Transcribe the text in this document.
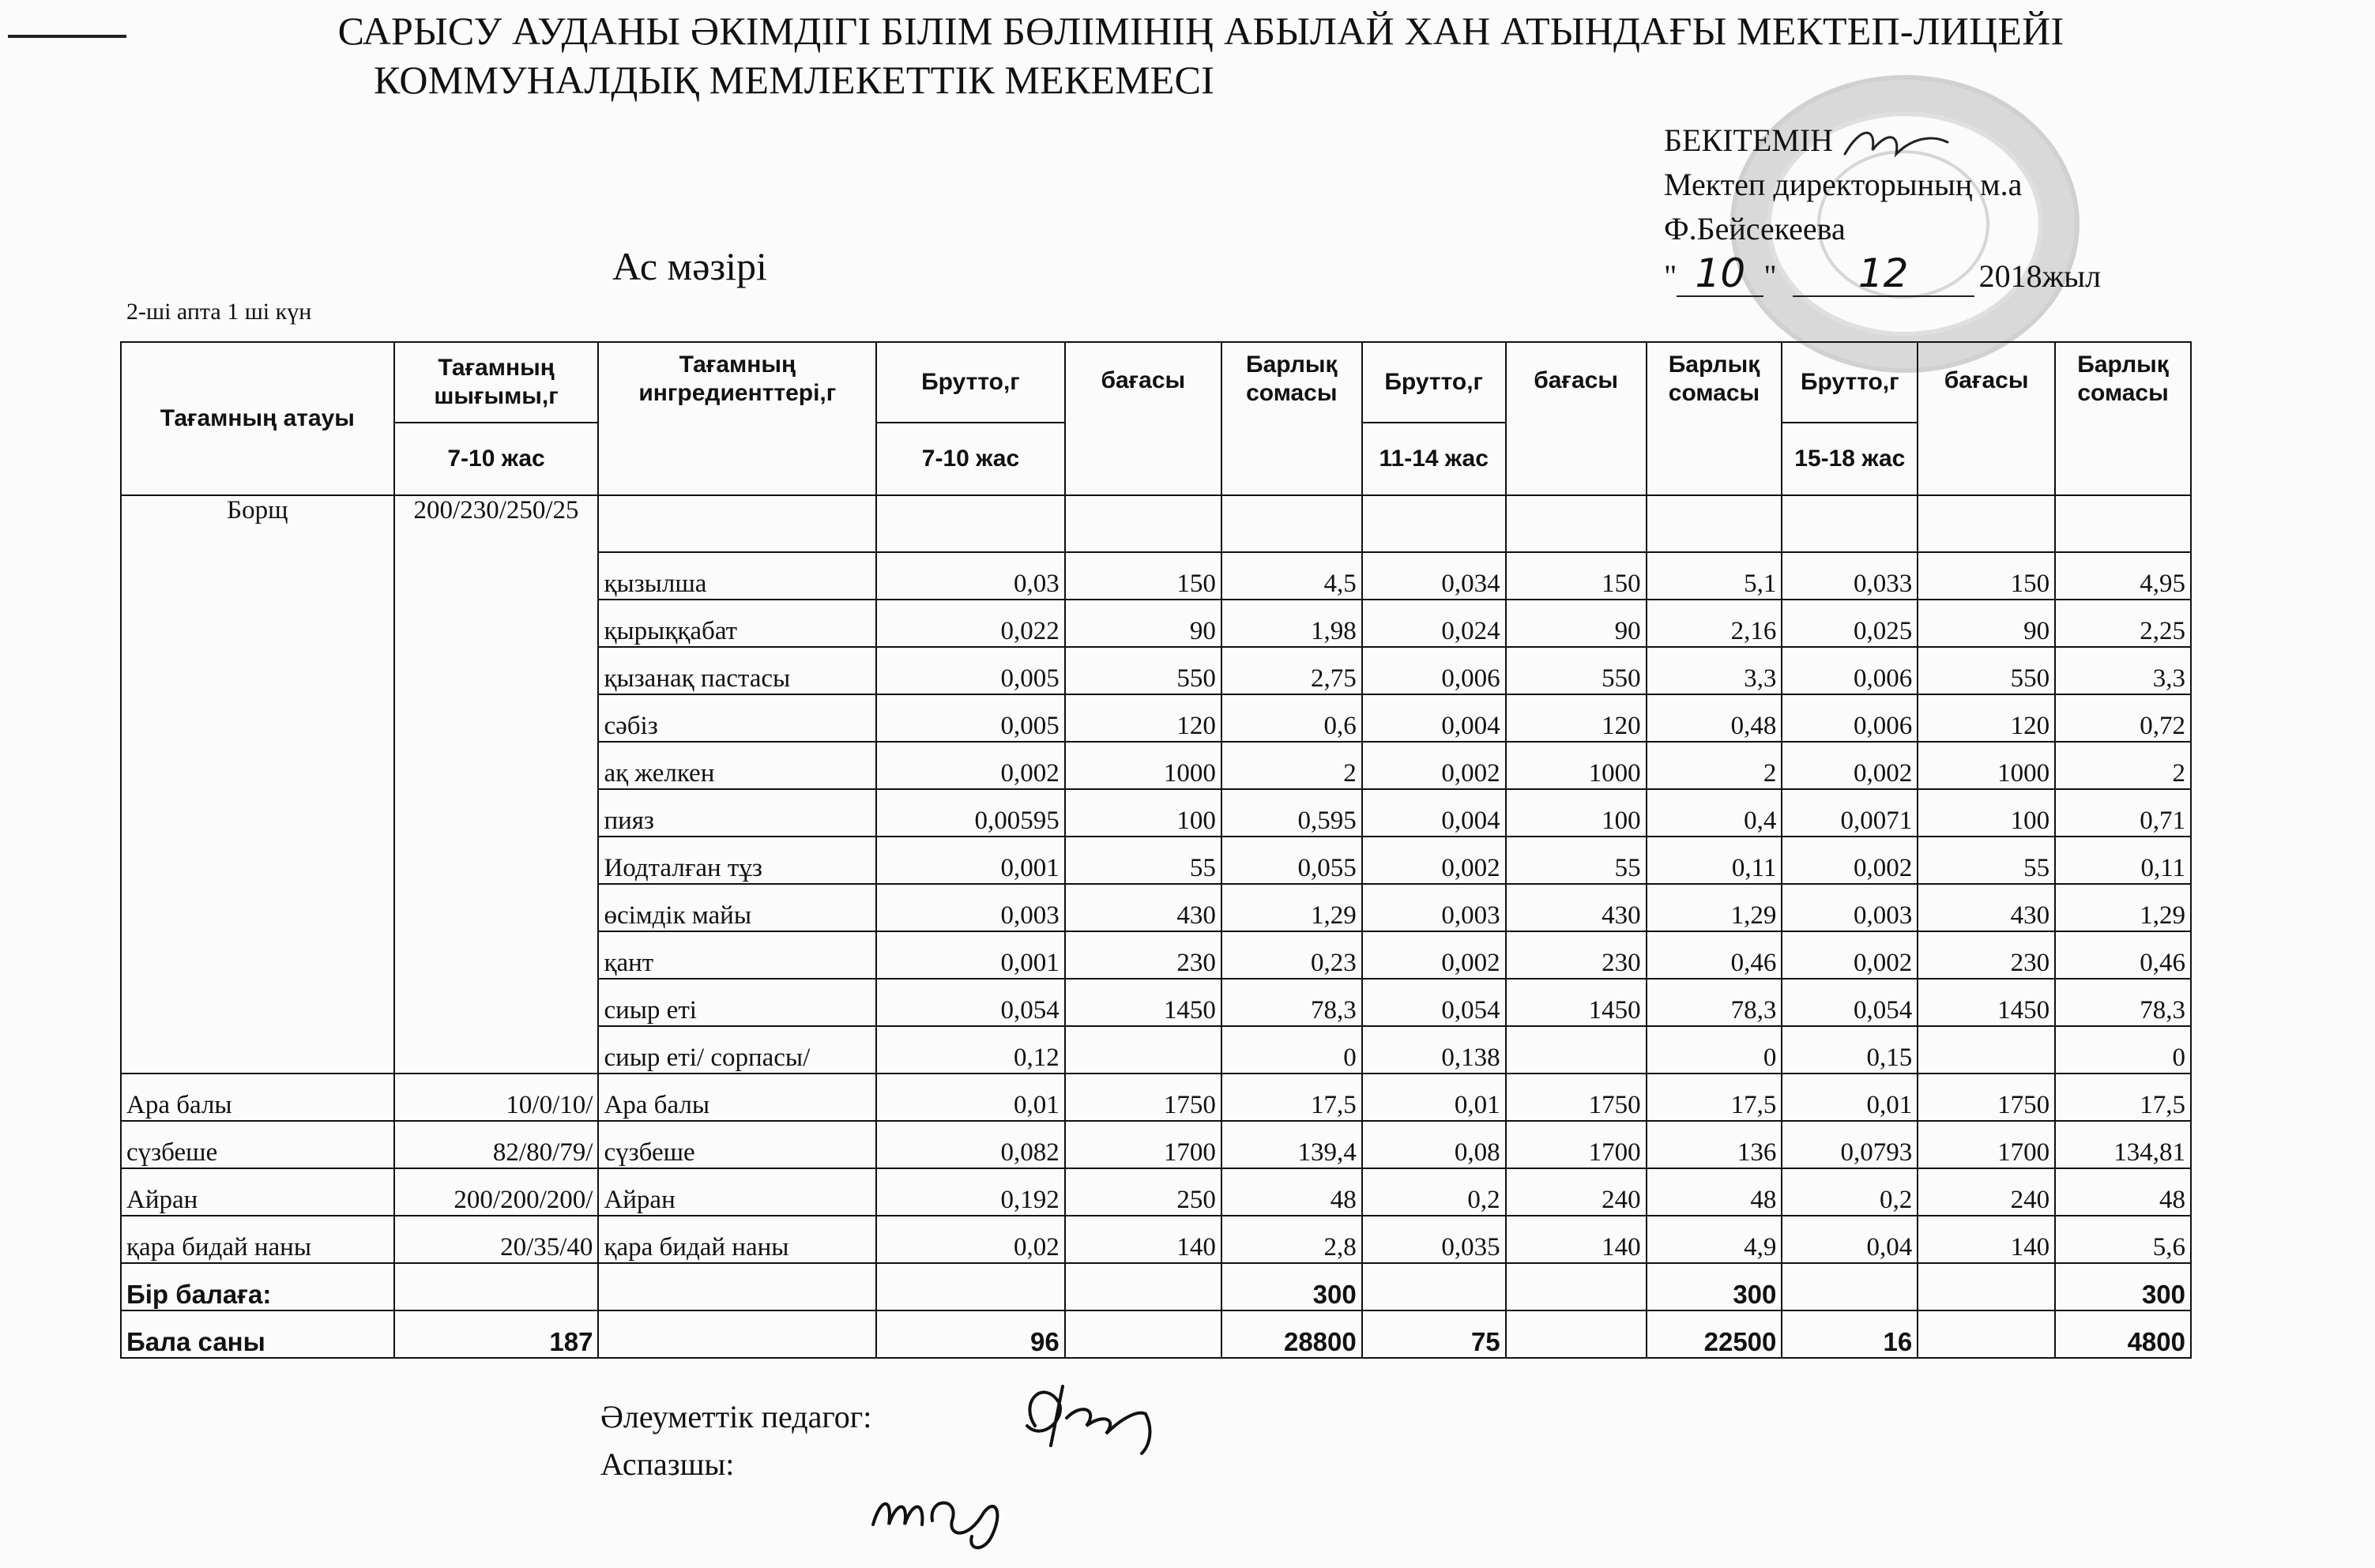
САРЫСУ АУДАНЫ ӘКІМДІГІ БІЛІМ БӨЛІМІНІҢ АБЫЛАЙ ХАН АТЫНДАҒЫ МЕКТЕП-ЛИЦЕЙІ
КОММУНАЛДЫҚ МЕМЛЕКЕТТІК МЕКЕМЕСІ
БЕКІТЕМІН
Мектеп директорының м.а
Ф.Бейсекеева
" 10 " 12 2018жыл
Ас мәзірі
2-ші апта 1 ші күн
Тағамның атауы	Тағамның шығымы,г	Тағамның ингредиенттері,г	Брутто,г	бағасы	Барлық сомасы	Брутто,г	бағасы	Барлық сомасы	Брутто,г	бағасы	Барлық сомасы
	7-10 жас		7-10 жас			11-14 жас			15-18 жас		
Борщ	200/230/250/25										
		қызылша	0,03	150	4,5	0,034	150	5,1	0,033	150	4,95
		қырыққабат	0,022	90	1,98	0,024	90	2,16	0,025	90	2,25
		қызанақ пастасы	0,005	550	2,75	0,006	550	3,3	0,006	550	3,3
		сәбіз	0,005	120	0,6	0,004	120	0,48	0,006	120	0,72
		ақ желкен	0,002	1000	2	0,002	1000	2	0,002	1000	2
		пияз	0,00595	100	0,595	0,004	100	0,4	0,0071	100	0,71
		Иодталған тұз	0,001	55	0,055	0,002	55	0,11	0,002	55	0,11
		өсімдік майы	0,003	430	1,29	0,003	430	1,29	0,003	430	1,29
		қант	0,001	230	0,23	0,002	230	0,46	0,002	230	0,46
		сиыр еті	0,054	1450	78,3	0,054	1450	78,3	0,054	1450	78,3
		сиыр еті/ сорпасы/	0,12		0	0,138		0	0,15		0
Ара балы	10/0/10/	Ара балы	0,01	1750	17,5	0,01	1750	17,5	0,01	1750	17,5
сүзбеше	82/80/79/	сүзбеше	0,082	1700	139,4	0,08	1700	136	0,0793	1700	134,81
Айран	200/200/200/	Айран	0,192	250	48	0,2	240	48	0,2	240	48
қара бидай наны	20/35/40	қара бидай наны	0,02	140	2,8	0,035	140	4,9	0,04	140	5,6
Бір балаға:					300			300			300
Бала саны	187		96		28800	75		22500	16		4800
Әлеуметтік педагог:
Аспазшы:
